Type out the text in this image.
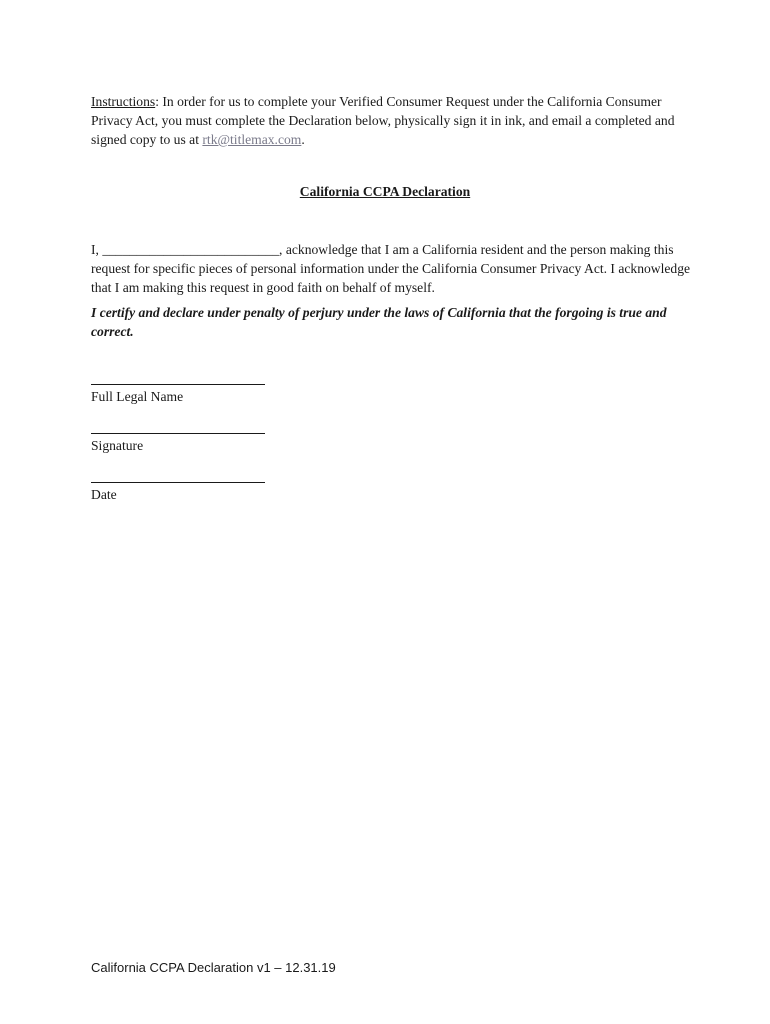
Instructions: In order for us to complete your Verified Consumer Request under the California Consumer Privacy Act, you must complete the Declaration below, physically sign it in ink, and email a completed and signed copy to us at rtk@titlemax.com.
California CCPA Declaration
I, __________________________, acknowledge that I am a California resident and the person making this request for specific pieces of personal information under the California Consumer Privacy Act. I acknowledge that I am making this request in good faith on behalf of myself.
I certify and declare under penalty of perjury under the laws of California that the forgoing is true and correct.
Full Legal Name
Signature
Date
California CCPA Declaration v1 – 12.31.19
